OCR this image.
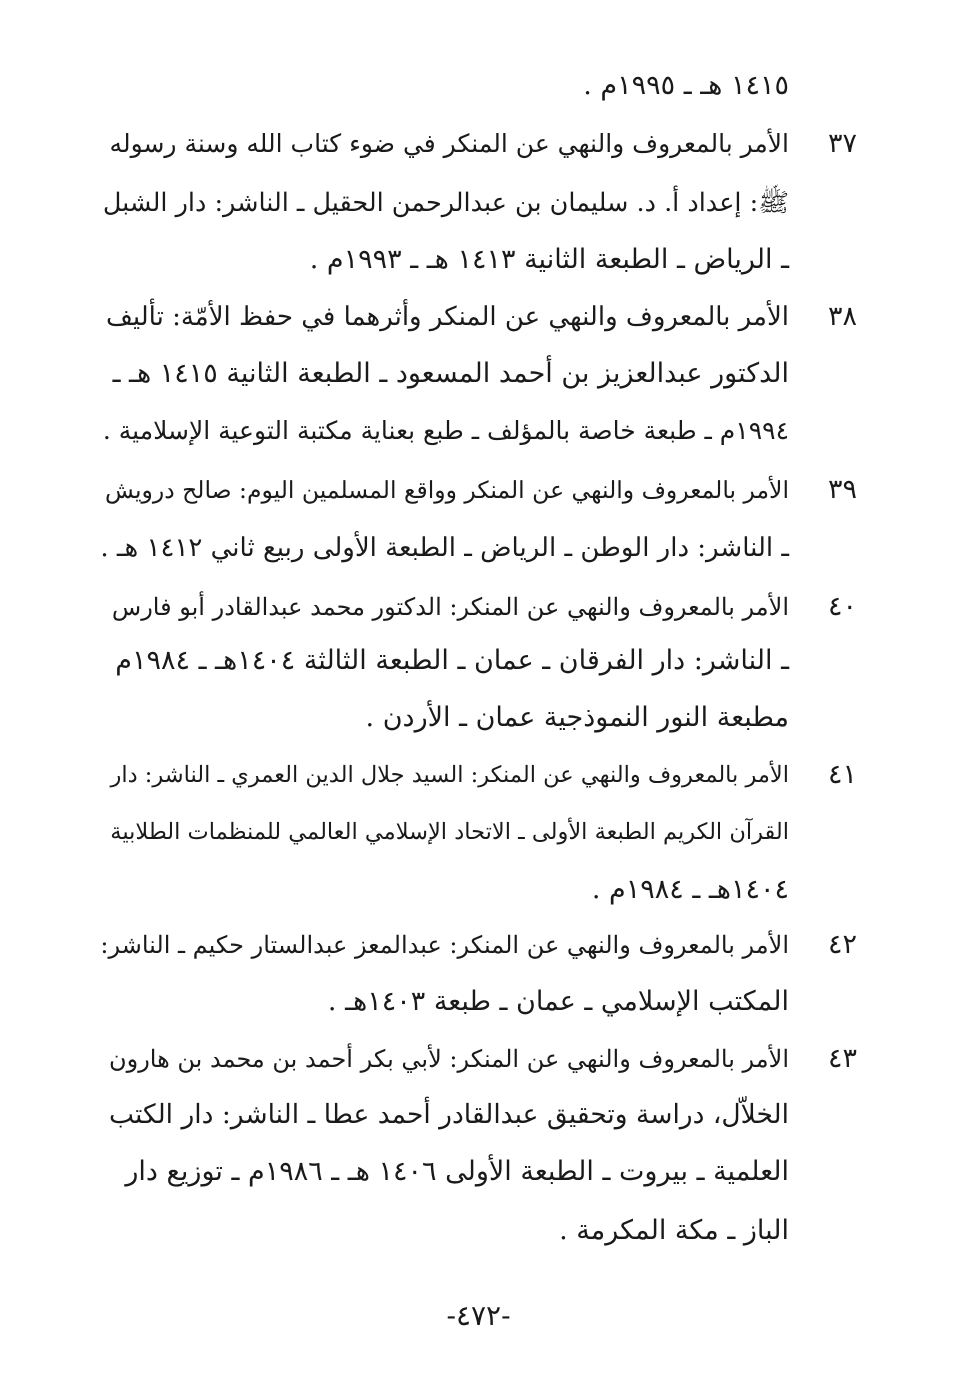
١٤١٥ هـ ـ ١٩٩٥م .
٣٧
الأمر بالمعروف والنهي عن المنكر في ضوء كتاب الله وسنة رسوله
ﷺ: إعداد أ. د. سليمان بن عبدالرحمن الحقيل ـ الناشر: دار الشبل
ـ الرياض ـ الطبعة الثانية ١٤١٣ هـ ـ ١٩٩٣م .
٣٨
الأمر بالمعروف والنهي عن المنكر وأثرهما في حفظ الأمّة: تأليف
الدكتور عبدالعزيز بن أحمد المسعود ـ الطبعة الثانية ١٤١٥ هـ ـ
١٩٩٤م ـ طبعة خاصة بالمؤلف ـ طبع بعناية مكتبة التوعية الإسلامية .
٣٩
الأمر بالمعروف والنهي عن المنكر وواقع المسلمين اليوم: صالح درويش
ـ الناشر: دار الوطن ـ الرياض ـ الطبعة الأولى ربيع ثاني ١٤١٢ هـ .
٤٠
الأمر بالمعروف والنهي عن المنكر: الدكتور محمد عبدالقادر أبو فارس
ـ الناشر: دار الفرقان ـ عمان ـ الطبعة الثالثة ١٤٠٤هـ ـ ١٩٨٤م
مطبعة النور النموذجية عمان ـ الأردن .
٤١
الأمر بالمعروف والنهي عن المنكر: السيد جلال الدين العمري ـ الناشر: دار
القرآن الكريم الطبعة الأولى ـ الاتحاد الإسلامي العالمي للمنظمات الطلابية
١٤٠٤هـ ـ ١٩٨٤م .
٤٢
الأمر بالمعروف والنهي عن المنكر: عبدالمعز عبدالستار حكيم ـ الناشر:
المكتب الإسلامي ـ عمان ـ طبعة ١٤٠٣هـ .
٤٣
الأمر بالمعروف والنهي عن المنكر: لأبي بكر أحمد بن محمد بن هارون
الخلاّل، دراسة وتحقيق عبدالقادر أحمد عطا ـ الناشر: دار الكتب
العلمية ـ بيروت ـ الطبعة الأولى ١٤٠٦ هـ ـ ١٩٨٦م ـ توزيع دار
الباز ـ مكة المكرمة .
-٤٧٢-
